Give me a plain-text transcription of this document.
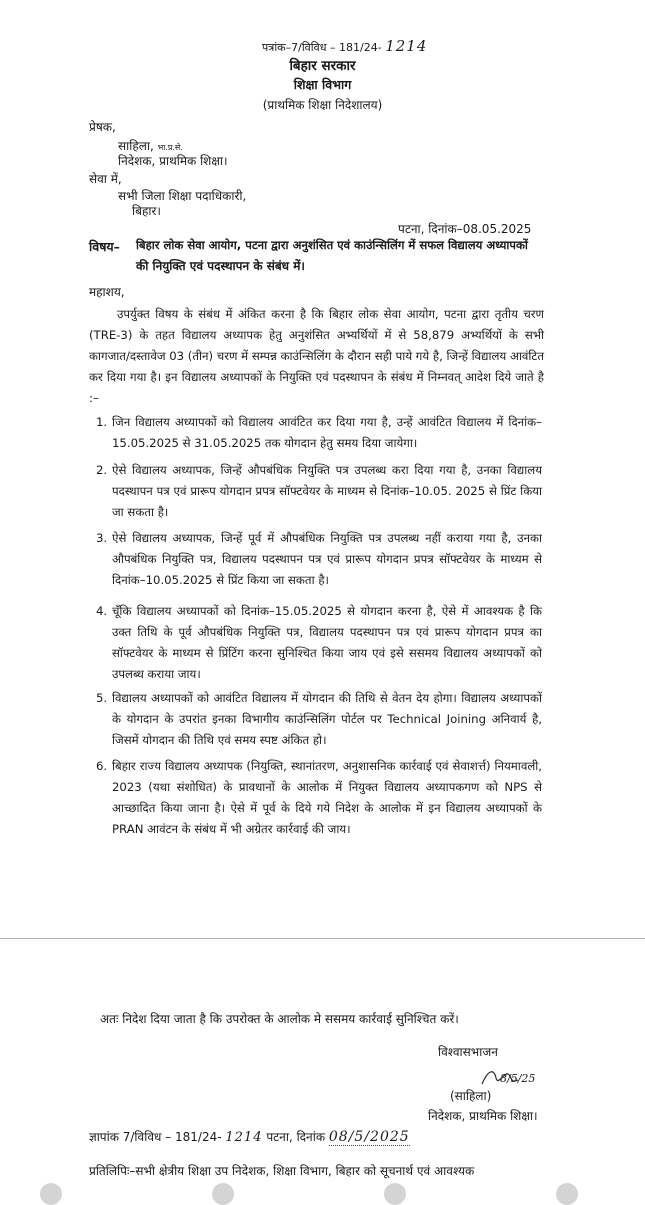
पत्रांक–7/विविध – 181/24- 1214
बिहार सरकार
शिक्षा विभाग
(प्राथमिक शिक्षा निदेशालय)
प्रेषक,
साहिला, भा.प्र.से.
निदेशक, प्राथमिक शिक्षा।
सेवा में,
सभी जिला शिक्षा पदाधिकारी,
बिहार।
पटना, दिनांक–08.05.2025
विषय– बिहार लोक सेवा आयोग, पटना द्वारा अनुशंसित एवं काउंन्सिलिंग में सफल विद्यालय अध्यापकों
की नियुक्ति एवं पदस्थापन के संबंध में।
महाशय,
उपर्युक्त विषय के संबंध में अंकित करना है कि बिहार लोक सेवा आयोग, पटना द्वारा तृतीय चरण (TRE-3) के तहत विद्यालय अध्यापक हेतु अनुशंसित अभ्यर्थियों में से 58,879 अभ्यर्थियों के सभी कागजात/दस्तावेज 03 (तीन) चरण में सम्पन्न काउंन्सिलिंग के दौरान सही पाये गये है, जिन्हें विद्यालय आवंटित कर दिया गया है। इन विद्यालय अध्यापकों के नियुक्ति एवं पदस्थापन के संबंध में निम्नवत् आदेश दिये जाते है :–
1. जिन विद्यालय अध्यापकों को विद्यालय आवंटित कर दिया गया है, उन्हें आवंटित विद्यालय में दिनांक–15.05.2025 से 31.05.2025 तक योगदान हेतु समय दिया जायेगा।
2. ऐसे विद्यालय अध्यापक, जिन्हें औपबंधिक नियुक्ति पत्र उपलब्ध करा दिया गया है, उनका विद्यालय पदस्थापन पत्र एवं प्रारूप योगदान प्रपत्र सॉफ्टवेयर के माध्यम से दिनांक–10.05. 2025 से प्रिंट किया जा सकता है।
3. ऐसे विद्यालय अध्यापक, जिन्हें पूर्व में औपबंधिक नियुक्ति पत्र उपलब्ध नहीं कराया गया है, उनका औपबंधिक नियुक्ति पत्र, विद्यालय पदस्थापन पत्र एवं प्रारूप योगदान प्रपत्र सॉफ्टवेयर के माध्यम से दिनांक–10.05.2025 से प्रिंट किया जा सकता है।
4. चूँकि विद्यालय अध्यापकों को दिनांक–15.05.2025 से योगदान करना है, ऐसे में आवश्यक है कि उक्त तिथि के पूर्व औपबंधिक नियुक्ति पत्र, विद्यालय पदस्थापन पत्र एवं प्रारूप योगदान प्रपत्र का सॉफ्टवेयर के माध्यम से प्रिंटिंग करना सुनिश्चित किया जाय एवं इसे ससमय विद्यालय अध्यापकों को उपलब्ध कराया जाय।
5. विद्यालय अध्यापकों को आवंटित विद्यालय में योगदान की तिथि से वेतन देय होगा। विद्यालय अध्यापकों के योगदान के उपरांत इनका विभागीय काउंन्सिलिंग पोर्टल पर Technical Joining अनिवार्य है, जिसमें योगदान की तिथि एवं समय स्पष्ट अंकित हो।
6. बिहार राज्य विद्यालय अध्यापक (नियुक्ति, स्थानांतरण, अनुशासनिक कार्रवाई एवं सेवाशर्त्त) नियमावली, 2023 (यथा संशोधित) के प्रावधानों के आलोक में नियुक्त विद्यालय अध्यापकगण को NPS से आच्छादित किया जाना है। ऐसे में पूर्व के दिये गये निदेश के आलोक में इन विद्यालय अध्यापकों के PRAN आवंटन के संबंध में भी अग्रेतर कार्रवाई की जाय।
अतः निदेश दिया जाता है कि उपरोक्त के आलोक मे ससमय कार्रवाई सुनिश्चित करें।
विश्वासभाजन
(साहिला)
8/5/25
निदेशक, प्राथमिक शिक्षा।
ज्ञापांक 7/विविध – 181/24- 1214 पटना, दिनांक 08/5/2025
प्रतिलिपिः–सभी क्षेत्रीय शिक्षा उप निदेशक, शिक्षा विभाग, बिहार को सूचनार्थ एवं आवश्यक
